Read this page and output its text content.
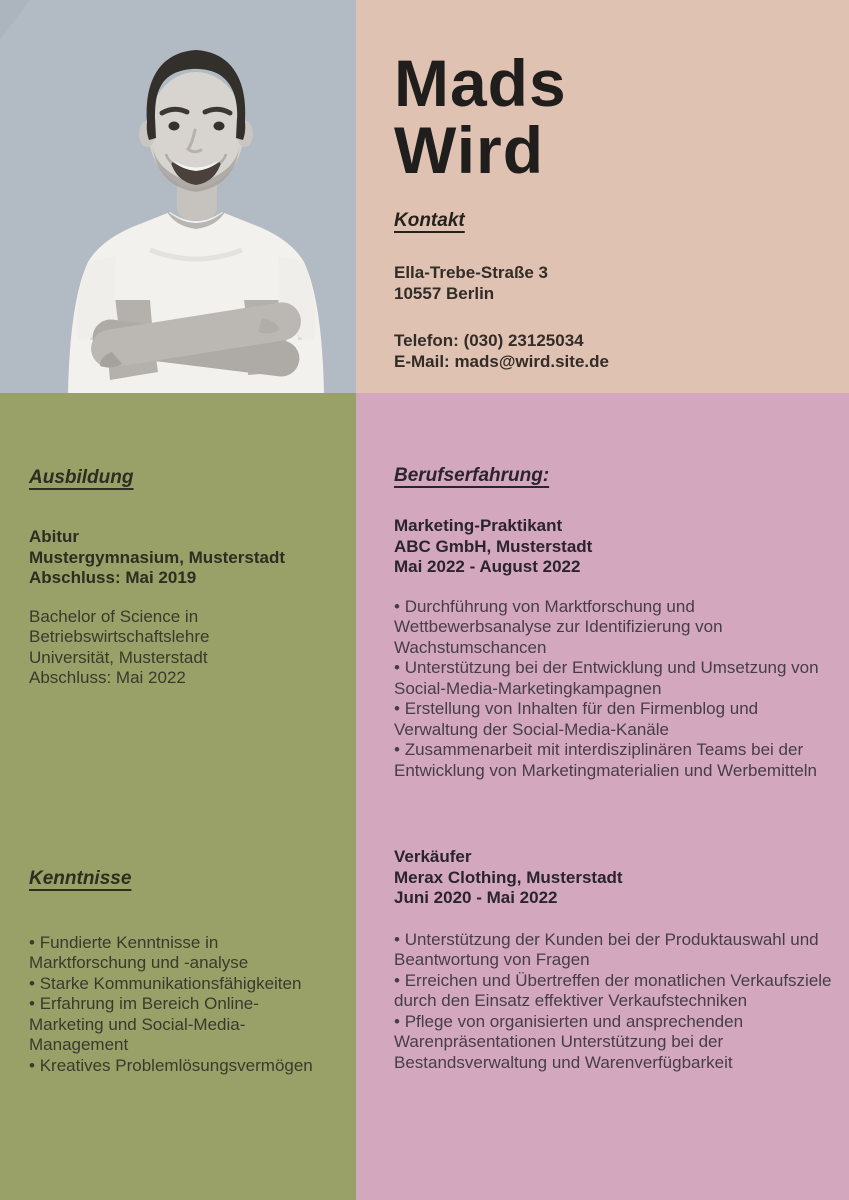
Mads
Wird
Kontakt

Ella-Trebe-Straße 3

10557 Berlin

Telefon: (030) 23125034

E-Mail: mads@wird.site.de

Ausbildung

Abitur

Mustergymnasium, Musterstadt

Abschluss: Mai 2019

Bachelor of Science in

Betriebswirtschaftslehre

Universität, Musterstadt

Abschluss: Mai 2022

Kenntnisse

• Fundierte Kenntnisse in Marktforschung und -analyse

• Starke Kommunikationsfähigkeiten

• Erfahrung im Bereich Online-Marketing und Social-Media-Management

• Kreatives Problemlösungsvermögen

Berufserfahrung:

Marketing-Praktikant

ABC GmbH, Musterstadt

Mai 2022 - August 2022

• Durchführung von Marktforschung und Wettbewerbsanalyse zur Identifizierung von Wachstumschancen

• Unterstützung bei der Entwicklung und Umsetzung von Social-Media-Marketingkampagnen

• Erstellung von Inhalten für den Firmenblog und Verwaltung der Social-Media-Kanäle

• Zusammenarbeit mit interdisziplinären Teams bei der Entwicklung von Marketingmaterialien und Werbemitteln

Verkäufer

Merax Clothing, Musterstadt

Juni 2020 - Mai 2022

• Unterstützung der Kunden bei der Produktauswahl und Beantwortung von Fragen

• Erreichen und Übertreffen der monatlichen Verkaufsziele durch den Einsatz effektiver Verkaufstechniken

• Pflege von organisierten und ansprechenden Warenpräsentationen Unterstützung bei der Bestandsverwaltung und Warenverfügbarkeit
